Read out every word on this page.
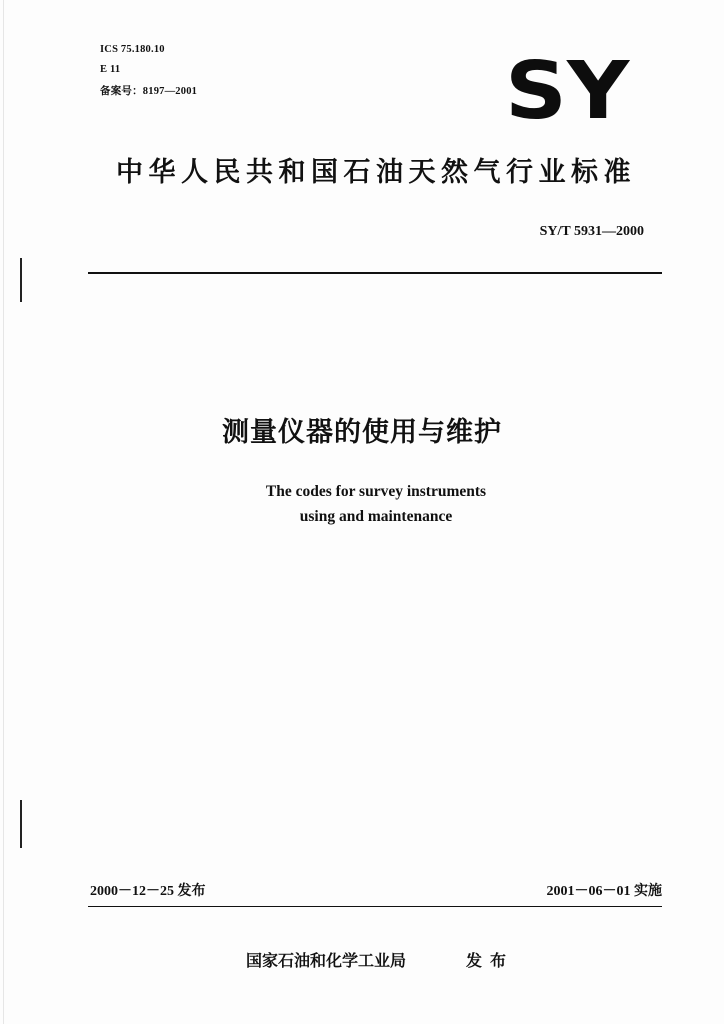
ICS 75.180.10
E 11
备案号：8197—2001	SY
中华人民共和国石油天然气行业标准
SY/T 5931—2000
测量仪器的使用与维护
The codes for survey instruments
using and maintenance
2000－12－25 发布	2001－06－01 实施
国家石油和化学工业局	发布
